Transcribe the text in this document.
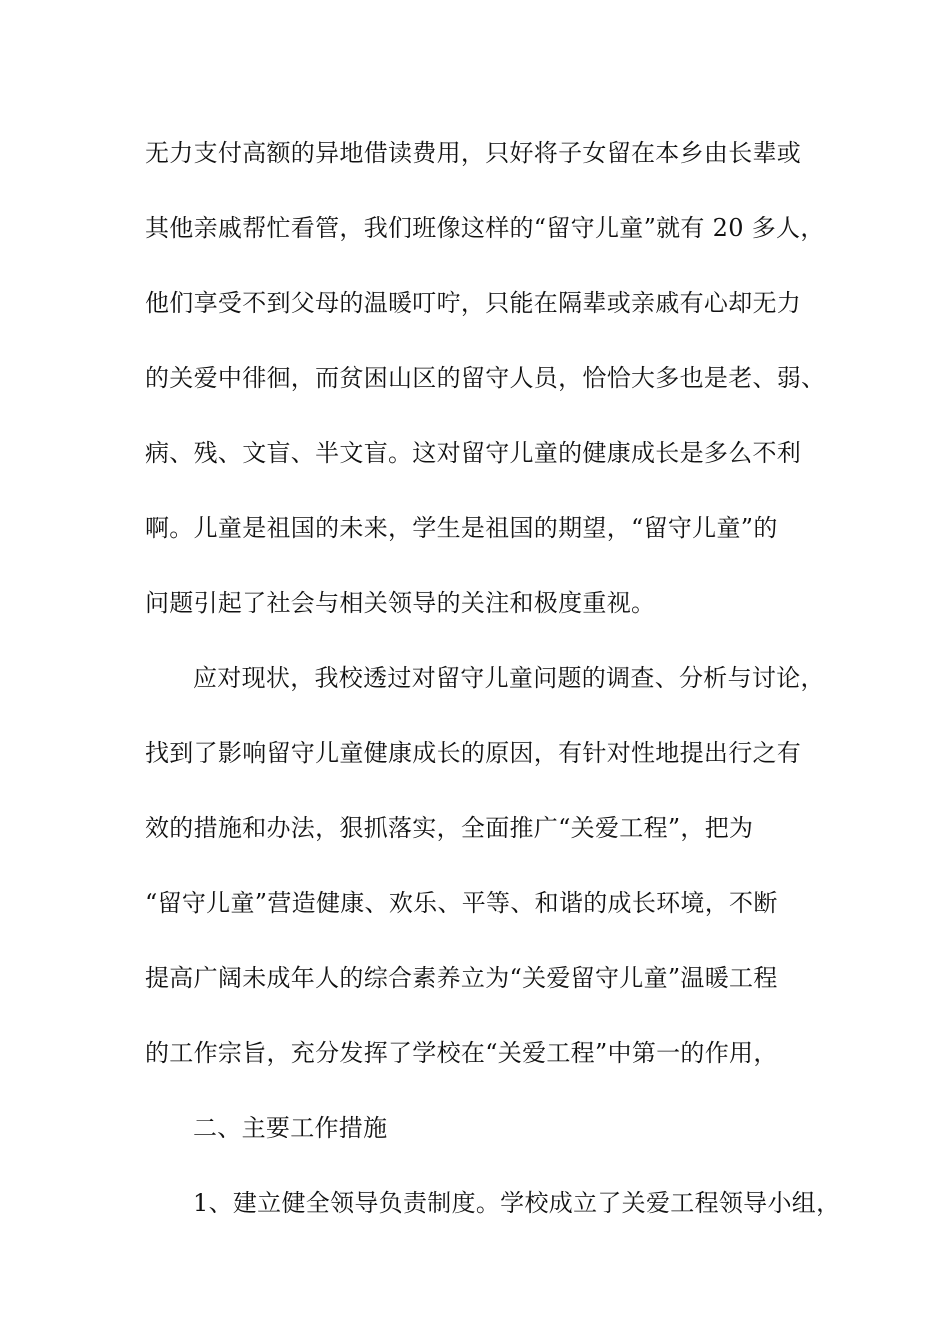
无力支付高额的异地借读费用，只好将子女留在本乡由长辈或
其他亲戚帮忙看管，我们班像这样的“留守儿童”就有 20 多人，
他们享受不到父母的温暖叮咛，只能在隔辈或亲戚有心却无力
的关爱中徘徊，而贫困山区的留守人员，恰恰大多也是老、弱、
病、残、文盲、半文盲。这对留守儿童的健康成长是多么不利
啊。儿童是祖国的未来，学生是祖国的期望，“留守儿童”的
问题引起了社会与相关领导的关注和极度重视。
应对现状，我校透过对留守儿童问题的调查、分析与讨论，
找到了影响留守儿童健康成长的原因，有针对性地提出行之有
效的措施和办法，狠抓落实，全面推广“关爱工程”，把为
“留守儿童”营造健康、欢乐、平等、和谐的成长环境，不断
提高广阔未成年人的综合素养立为“关爱留守儿童”温暖工程
的工作宗旨，充分发挥了学校在“关爱工程”中第一的作用，
二、主要工作措施
1、建立健全领导负责制度。学校成立了关爱工程领导小组，
